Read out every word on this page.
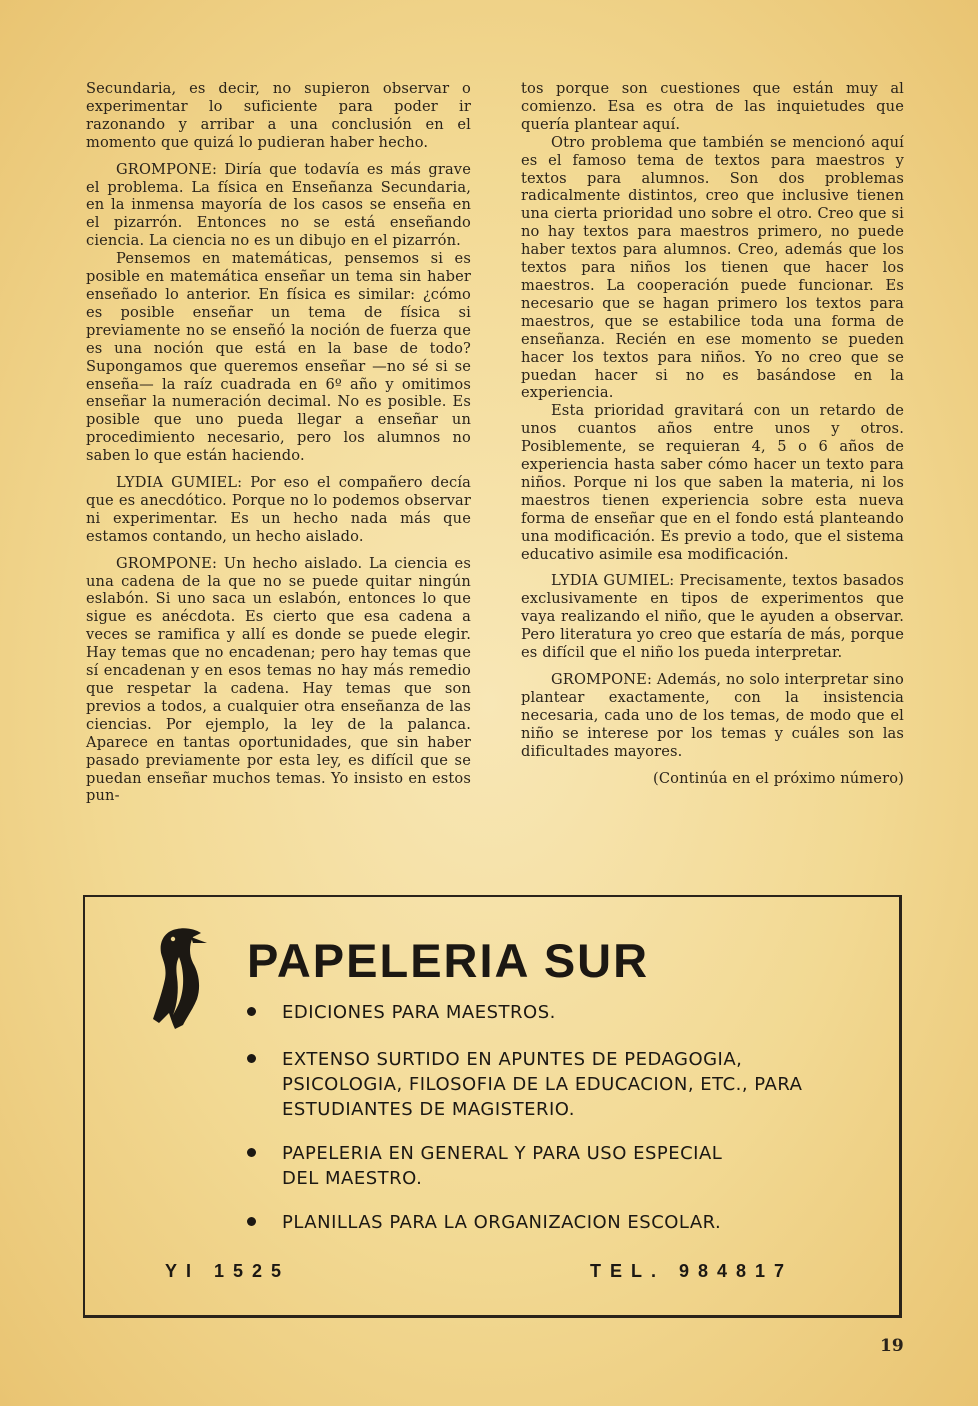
Secundaria, es decir, no supieron observar o experimentar lo suficiente para poder ir razonando y arribar a una conclusión en el momento que quizá lo pudieran haber hecho.

GROMPONE: Diría que todavía es más grave el problema. La física en Enseñanza Secundaria, en la inmensa mayoría de los casos se enseña en el pizarrón. Entonces no se está enseñando ciencia. La ciencia no es un dibujo en el pizarrón.

Pensemos en matemáticas, pensemos si es posible en matemática enseñar un tema sin haber enseñado lo anterior. En física es similar: ¿cómo es posible enseñar un tema de física si previamente no se enseñó la noción de fuerza que es una noción que está en la base de todo? Supongamos que queremos enseñar —no sé si se enseña— la raíz cuadrada en 6º año y omitimos enseñar la numeración decimal. No es posible. Es posible que uno pueda llegar a enseñar un procedimiento necesario, pero los alumnos no saben lo que están haciendo.

LYDIA GUMIEL: Por eso el compañero decía que es anecdótico. Porque no lo podemos observar ni experimentar. Es un hecho nada más que estamos contando, un hecho aislado.

GROMPONE: Un hecho aislado. La ciencia es una cadena de la que no se puede quitar ningún eslabón. Si uno saca un eslabón, entonces lo que sigue es anécdota. Es cierto que esa cadena a veces se ramifica y allí es donde se puede elegir. Hay temas que no encadenan; pero hay temas que sí encadenan y en esos temas no hay más remedio que respetar la cadena. Hay temas que son previos a todos, a cualquier otra enseñanza de las ciencias. Por ejemplo, la ley de la palanca. Aparece en tantas oportunidades, que sin haber pasado previamente por esta ley, es difícil que se puedan enseñar muchos temas. Yo insisto en estos pun-

tos porque son cuestiones que están muy al comienzo. Esa es otra de las inquietudes que quería plantear aquí.

Otro problema que también se mencionó aquí es el famoso tema de textos para maestros y textos para alumnos. Son dos problemas radicalmente distintos, creo que inclusive tienen una cierta prioridad uno sobre el otro. Creo que si no hay textos para maestros primero, no puede haber textos para alumnos. Creo, además que los textos para niños los tienen que hacer los maestros. La cooperación puede funcionar. Es necesario que se hagan primero los textos para maestros, que se estabilice toda una forma de enseñanza. Recién en ese momento se pueden hacer los textos para niños. Yo no creo que se puedan hacer si no es basándose en la experiencia.

Esta prioridad gravitará con un retardo de unos cuantos años entre unos y otros. Posiblemente, se requieran 4, 5 o 6 años de experiencia hasta saber cómo hacer un texto para niños. Porque ni los que saben la materia, ni los maestros tienen experiencia sobre esta nueva forma de enseñar que en el fondo está planteando una modificación. Es previo a todo, que el sistema educativo asimile esa modificación.

LYDIA GUMIEL: Precisamente, textos basados exclusivamente en tipos de experimentos que vaya realizando el niño, que le ayuden a observar. Pero literatura yo creo que estaría de más, porque es difícil que el niño los pueda interpretar.

GROMPONE: Además, no solo interpretar sino plantear exactamente, con la insistencia necesaria, cada uno de los temas, de modo que el niño se interese por los temas y cuáles son las dificultades mayores.

(Continúa en el próximo número)

PAPELERIA SUR
EDICIONES PARA MAESTROS.
EXTENSO SURTIDO EN APUNTES DE PEDAGOGIA,
PSICOLOGIA, FILOSOFIA DE LA EDUCACION, ETC., PARA
ESTUDIANTES DE MAGISTERIO.
PAPELERIA EN GENERAL Y PARA USO ESPECIAL
DEL MAESTRO.
PLANILLAS PARA LA ORGANIZACION ESCOLAR.
YI 1525	TEL. 984817
19
